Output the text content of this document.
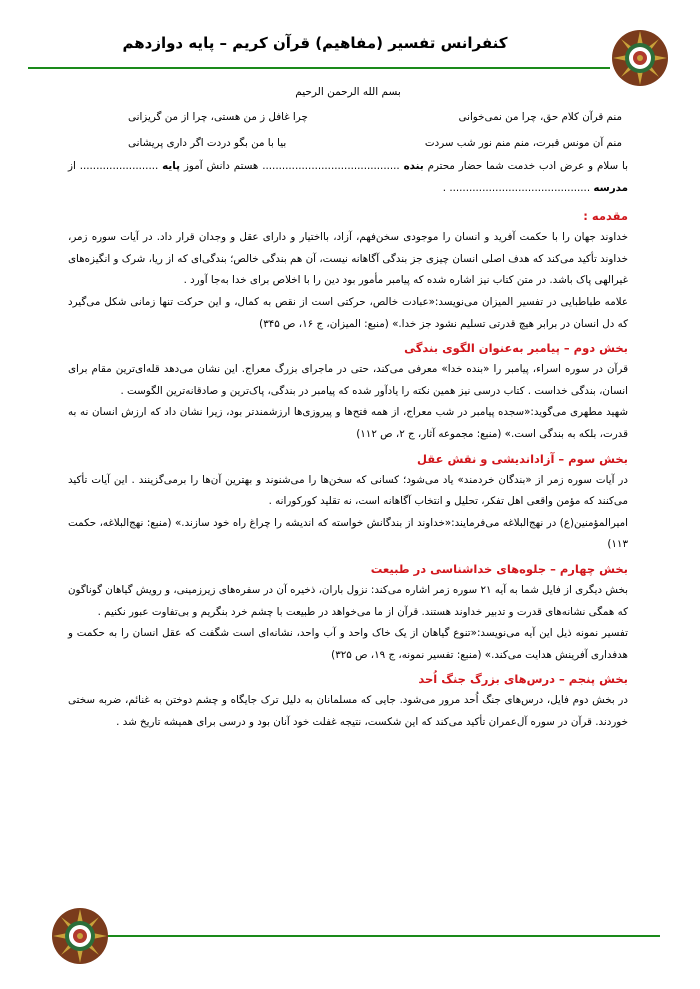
کنفرانس تفسیر (مفاهیم) قرآن کریم – پایه دوازدهم
بسم الله الرحمن الرحیم
منم قرآن کلام حق، چرا من نمی‌خوانی
چرا غافل ز من هستی، چرا از من گریزانی
منم آن مونس قبرت، منم منم نور شب سردت
بیا با من بگو دردت اگر داری پریشانی

با سلام و عرض ادب خدمت شما حضار محترم بنده .......................................... هستم دانش آموز پایه ........................ از مدرسه ........................................... .

مقدمه :

خداوند جهان را با حکمت آفرید و انسان را موجودی سخن‌فهم، آزاد، بااختیار و دارای عقل و وجدان قرار داد. در آیات سوره زمر، خداوند تأکید می‌کند که هدف اصلی انسان چیزی جز بندگی آگاهانه نیست، آن هم بندگی خالص؛ بندگی‌ای که از ریا، شرک و انگیزه‌های غیرالهی پاک باشد. در متن کتاب نیز اشاره شده که پیامبر مأمور بود دین را با اخلاص برای خدا به‌جا آورد .

علامه طباطبایی در تفسیر المیزان می‌نویسد:«عبادت خالص، حرکتی است از نقص به کمال، و این حرکت تنها زمانی شکل می‌گیرد که دل انسان در برابر هیچ قدرتی تسلیم نشود جز خدا.» (منبع: المیزان، ج ۱۶، ص ۳۴۵)

بخش دوم – پیامبر به‌عنوان الگوی بندگی

قرآن در سوره اسراء، پیامبر را «بنده خدا» معرفی می‌کند، حتی در ماجرای بزرگ معراج. این نشان می‌دهد قله‌ای‌ترین مقام برای انسان، بندگی خداست . کتاب درسی نیز همین نکته را یادآور شده که پیامبر در بندگی، پاک‌ترین و صادقانه‌ترین الگوست .

شهید مطهری می‌گوید:«سجده پیامبر در شب معراج، از همه فتح‌ها و پیروزی‌ها ارزشمندتر بود، زیرا نشان داد که ارزش انسان نه به قدرت، بلکه به بندگی است.» (منبع: مجموعه آثار، ج ۲، ص ۱۱۲)

بخش سوم – آزاداندیشی و نقش عقل

در آیات سوره زمر از «بندگان خردمند» یاد می‌شود؛ کسانی که سخن‌ها را می‌شنوند و بهترین آن‌ها را برمی‌گزینند . این آیات تأکید می‌کنند که مؤمن واقعی اهل تفکر، تحلیل و انتخاب آگاهانه است، نه تقلید کورکورانه .

امیرالمؤمنین(ع) در نهج‌البلاغه می‌فرمایند:«خداوند از بندگانش خواسته که اندیشه را چراغ راه خود سازند.» (منبع: نهج‌البلاغه، حکمت ۱۱۳)

بخش چهارم – جلوه‌های خداشناسی در طبیعت

بخش دیگری از فایل شما به آیه ۲۱ سوره زمر اشاره می‌کند: نزول باران، ذخیره آن در سفره‌های زیرزمینی، و رویش گیاهان گوناگون که همگی نشانه‌های قدرت و تدبیر خداوند هستند. قرآن از ما می‌خواهد در طبیعت با چشم خرد بنگریم و بی‌تفاوت عبور نکنیم .

تفسیر نمونه ذیل این آیه می‌نویسد:«تنوع گیاهان از یک خاک واحد و آب واحد، نشانه‌ای است شگفت که عقل انسان را به حکمت و هدفداری آفرینش هدایت می‌کند.» (منبع: تفسیر نمونه، ج ۱۹، ص ۳۲۵)

بخش پنجم – درس‌های بزرگ جنگ اُحد

در بخش دوم فایل، درس‌های جنگ اُحد مرور می‌شود. جایی که مسلمانان به دلیل ترک جایگاه و چشم دوختن به غنائم، ضربه سختی خوردند. قرآن در سوره آل‌عمران تأکید می‌کند که این شکست، نتیجه غفلت خود آنان بود و درسی برای همیشه تاریخ شد .
